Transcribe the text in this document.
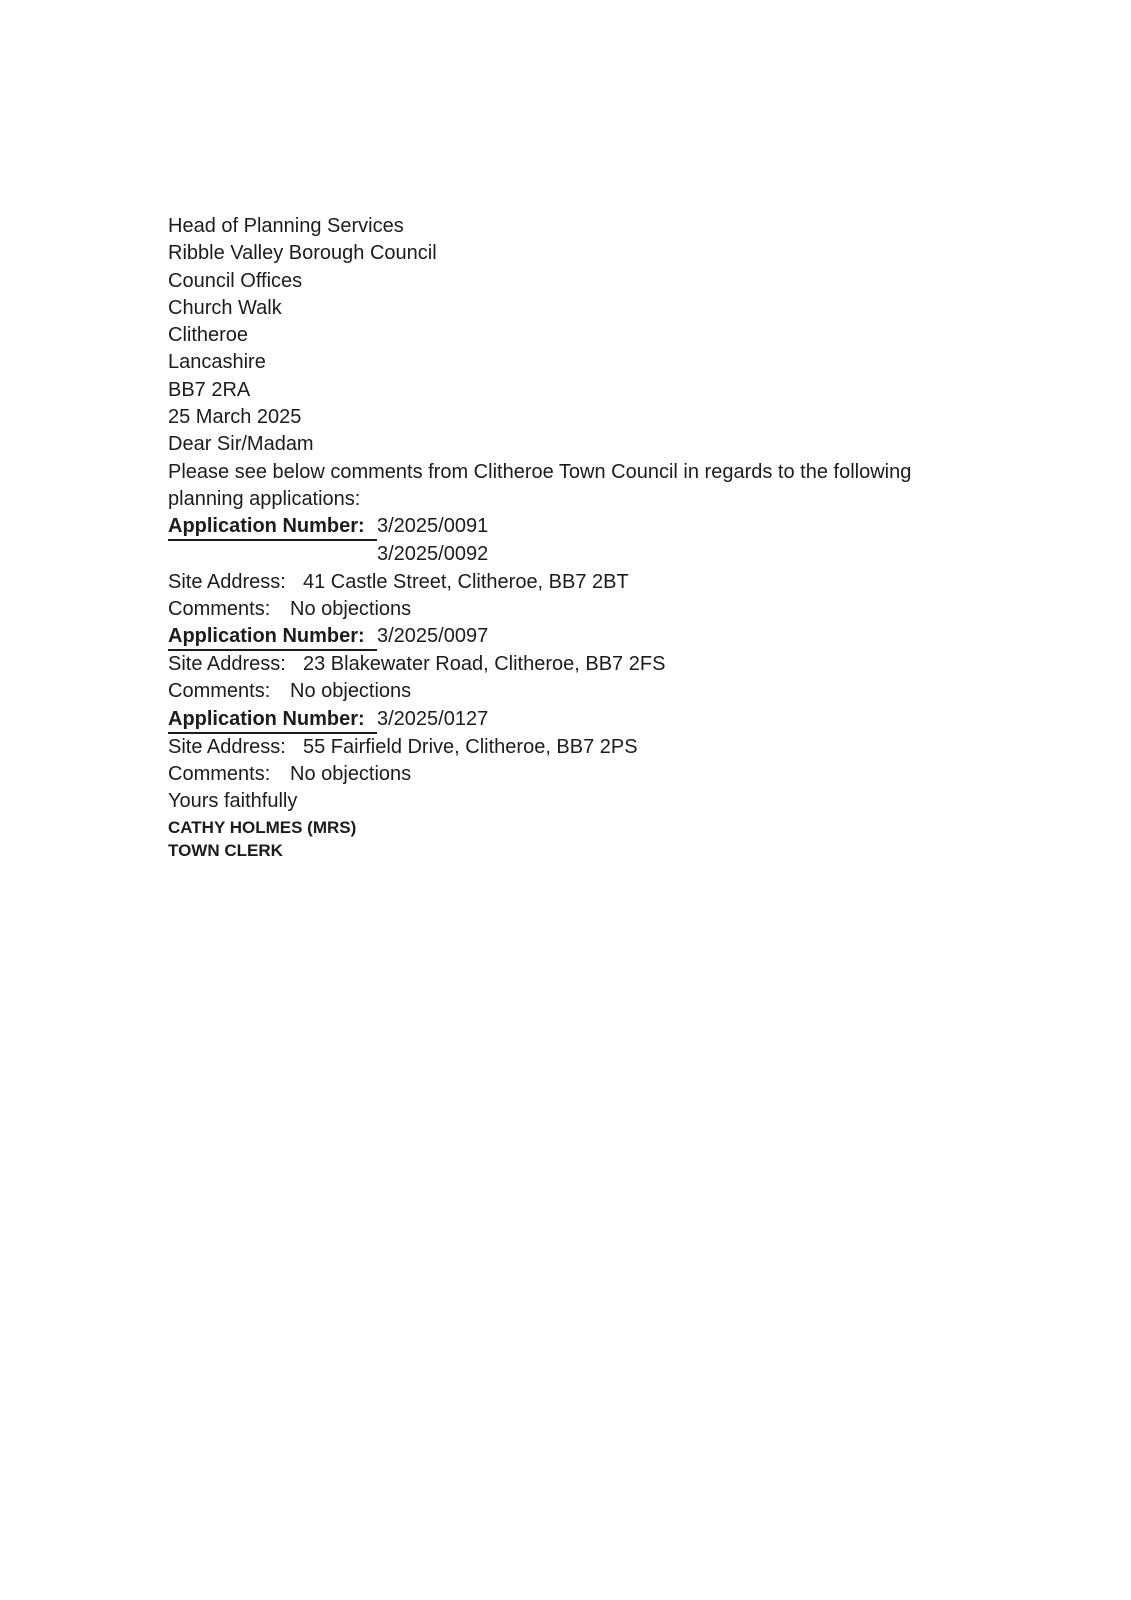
Head of Planning Services
Ribble Valley Borough Council
Council Offices
Church Walk
Clitheroe
Lancashire
BB7 2RA

25 March 2025

Dear Sir/Madam

Please see below comments from Clitheroe Town Council in regards to the following planning applications:

Application Number: 3/2025/0091
3/2025/0092
Site Address: 41 Castle Street, Clitheroe, BB7 2BT
Comments: No objections
Application Number: 3/2025/0097
Site Address: 23 Blakewater Road, Clitheroe, BB7 2FS
Comments: No objections
Application Number: 3/2025/0127
Site Address: 55 Fairfield Drive, Clitheroe, BB7 2PS
Comments: No objections

Yours faithfully

CATHY HOLMES (MRS)
TOWN CLERK
